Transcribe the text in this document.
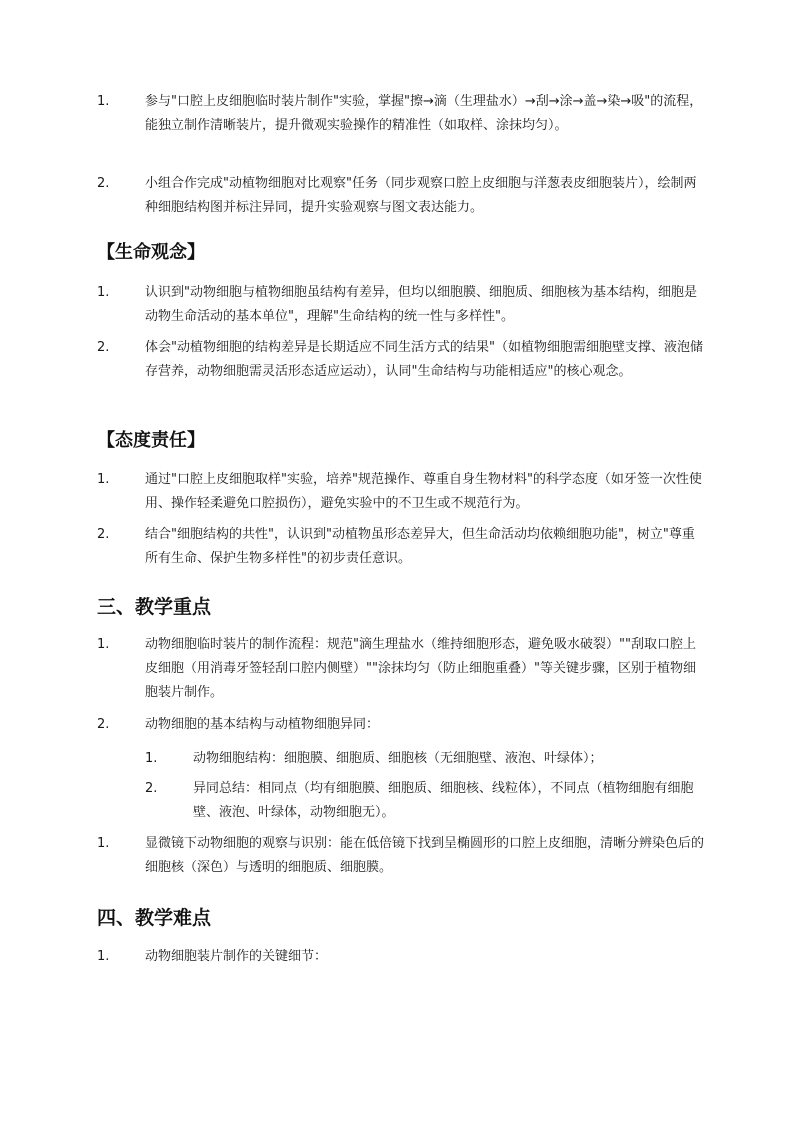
1.	参与"口腔上皮细胞临时装片制作"实验，掌握"擦→滴（生理盐水）→刮→涂→盖→染→吸"的流程，能独立制作清晰装片，提升微观实验操作的精准性（如取样、涂抹均匀）。
2.	小组合作完成"动植物细胞对比观察"任务（同步观察口腔上皮细胞与洋葱表皮细胞装片），绘制两种细胞结构图并标注异同，提升实验观察与图文表达能力。
【生命观念】
1.	认识到"动物细胞与植物细胞虽结构有差异，但均以细胞膜、细胞质、细胞核为基本结构，细胞是动物生命活动的基本单位"，理解"生命结构的统一性与多样性"。
2.	体会"动植物细胞的结构差异是长期适应不同生活方式的结果"（如植物细胞需细胞壁支撑、液泡储存营养，动物细胞需灵活形态适应运动），认同"生命结构与功能相适应"的核心观念。
【态度责任】
1.	通过"口腔上皮细胞取样"实验，培养"规范操作、尊重自身生物材料"的科学态度（如牙签一次性使用、操作轻柔避免口腔损伤），避免实验中的不卫生或不规范行为。
2.	结合"细胞结构的共性"，认识到"动植物虽形态差异大，但生命活动均依赖细胞功能"，树立"尊重所有生命、保护生物多样性"的初步责任意识。
三、教学重点
1.	动物细胞临时装片的制作流程：规范"滴生理盐水（维持细胞形态，避免吸水破裂）""刮取口腔上皮细胞（用消毒牙签轻刮口腔内侧壁）""涂抹均匀（防止细胞重叠）"等关键步骤，区别于植物细胞装片制作。
2.	动物细胞的基本结构与动植物细胞异同：
1.	动物细胞结构：细胞膜、细胞质、细胞核（无细胞壁、液泡、叶绿体）；
2.	异同总结：相同点（均有细胞膜、细胞质、细胞核、线粒体），不同点（植物细胞有细胞壁、液泡、叶绿体，动物细胞无）。
1.	显微镜下动物细胞的观察与识别：能在低倍镜下找到呈椭圆形的口腔上皮细胞，清晰分辨染色后的细胞核（深色）与透明的细胞质、细胞膜。
四、教学难点
1.	动物细胞装片制作的关键细节：
